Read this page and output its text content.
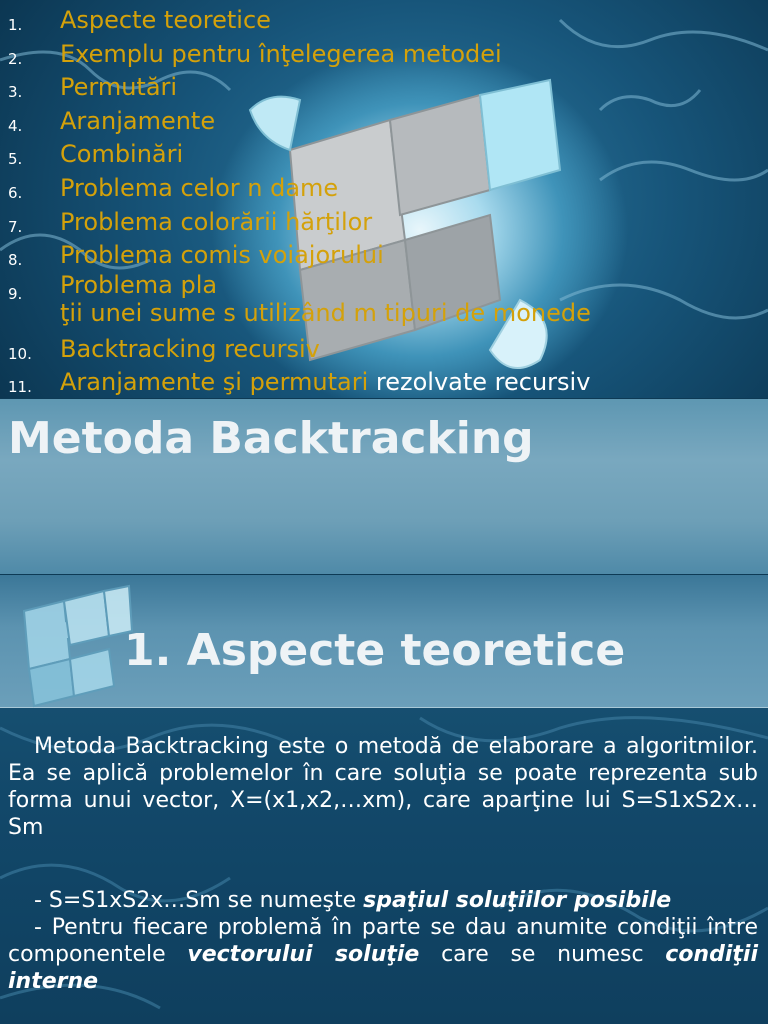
1.	Aspecte teoretice
2.	Exemplu pentru înţelegerea metodei
3.	Permutări
4.	Aranjamente
5.	Combinări
6.	Problema celor n dame
7.	Problema colorării hărţilor
8.	Problema comis voiajorului
9.	Problema pla
ţii unei sume s utilizând m tipuri de monede
10.	Backtracking recursiv
11.	Aranjamente şi permutari rezolvate recursiv
Metoda Backtracking
1. Aspecte teoretice

Metoda Backtracking este o metodă de elaborare a algoritmilor. Ea se aplică problemelor în care soluţia se poate reprezenta sub forma unui vector, X=(x1,x2,…xm), care aparţine lui S=S1xS2x…Sm

- S=S1xS2x…Sm se numeşte spaţiul soluţiilor posibile

- Pentru fiecare problemă în parte se dau anumite condiţii între componentele vectorului soluţie care se numesc condiţii interne
